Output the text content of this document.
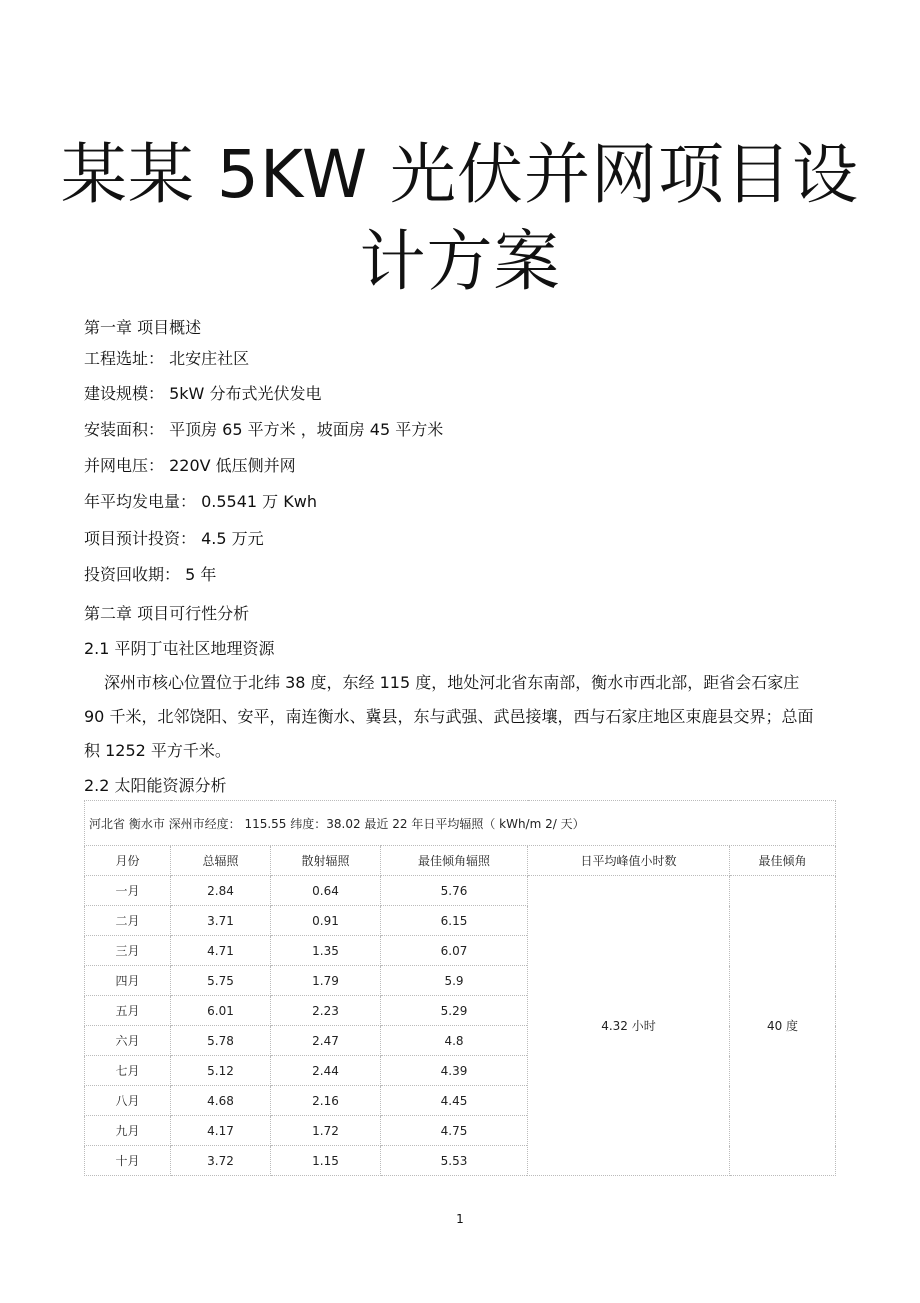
某某 5KW 光伏并网项目设
计方案
第一章 项目概述
工程选址： 北安庄社区
建设规模： 5kW 分布式光伏发电
安装面积： 平顶房 65 平方米 ，坡面房 45 平方米
并网电压： 220V 低压侧并网
年平均发电量： 0.5541 万 Kwh
项目预计投资： 4.5 万元
投资回收期： 5 年
第二章 项目可行性分析
2.1 平阴丁屯社区地理资源
深州市核心位置位于北纬 38 度，东经 115 度，地处河北省东南部，衡水市西北部，距省会石家庄 90 千米，北邻饶阳、安平，南连衡水、冀县，东与武强、武邑接壤，西与石家庄地区束鹿县交界；总面积 1252 平方千米。
2.2 太阳能资源分析
河北省 衡水市 深州市经度： 115.55 纬度：38.02 最近 22 年日平均辐照（ kWh/m 2/ 天）					
月份	总辐照	散射辐照	最佳倾角辐照	日平均峰值小时数	最佳倾角
一月	2.84	0.64	5.76	4.32 小时	40 度
二月	3.71	0.91	6.15		
三月	4.71	1.35	6.07		
四月	5.75	1.79	5.9		
五月	6.01	2.23	5.29		
六月	5.78	2.47	4.8		
七月	5.12	2.44	4.39		
八月	4.68	2.16	4.45		
九月	4.17	1.72	4.75		
十月	3.72	1.15	5.53		
1
